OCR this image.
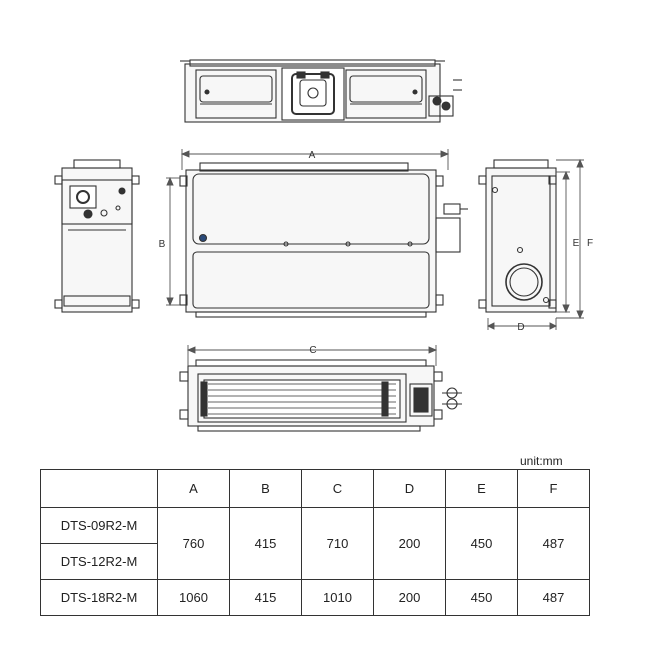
A
B
C
D
E F
unit:mm
	A	B	C	D	E	F
DTS-09R2-M	760	415	710	200	450	487
DTS-12R2-M						
DTS-18R2-M	1060	415	1010	200	450	487
